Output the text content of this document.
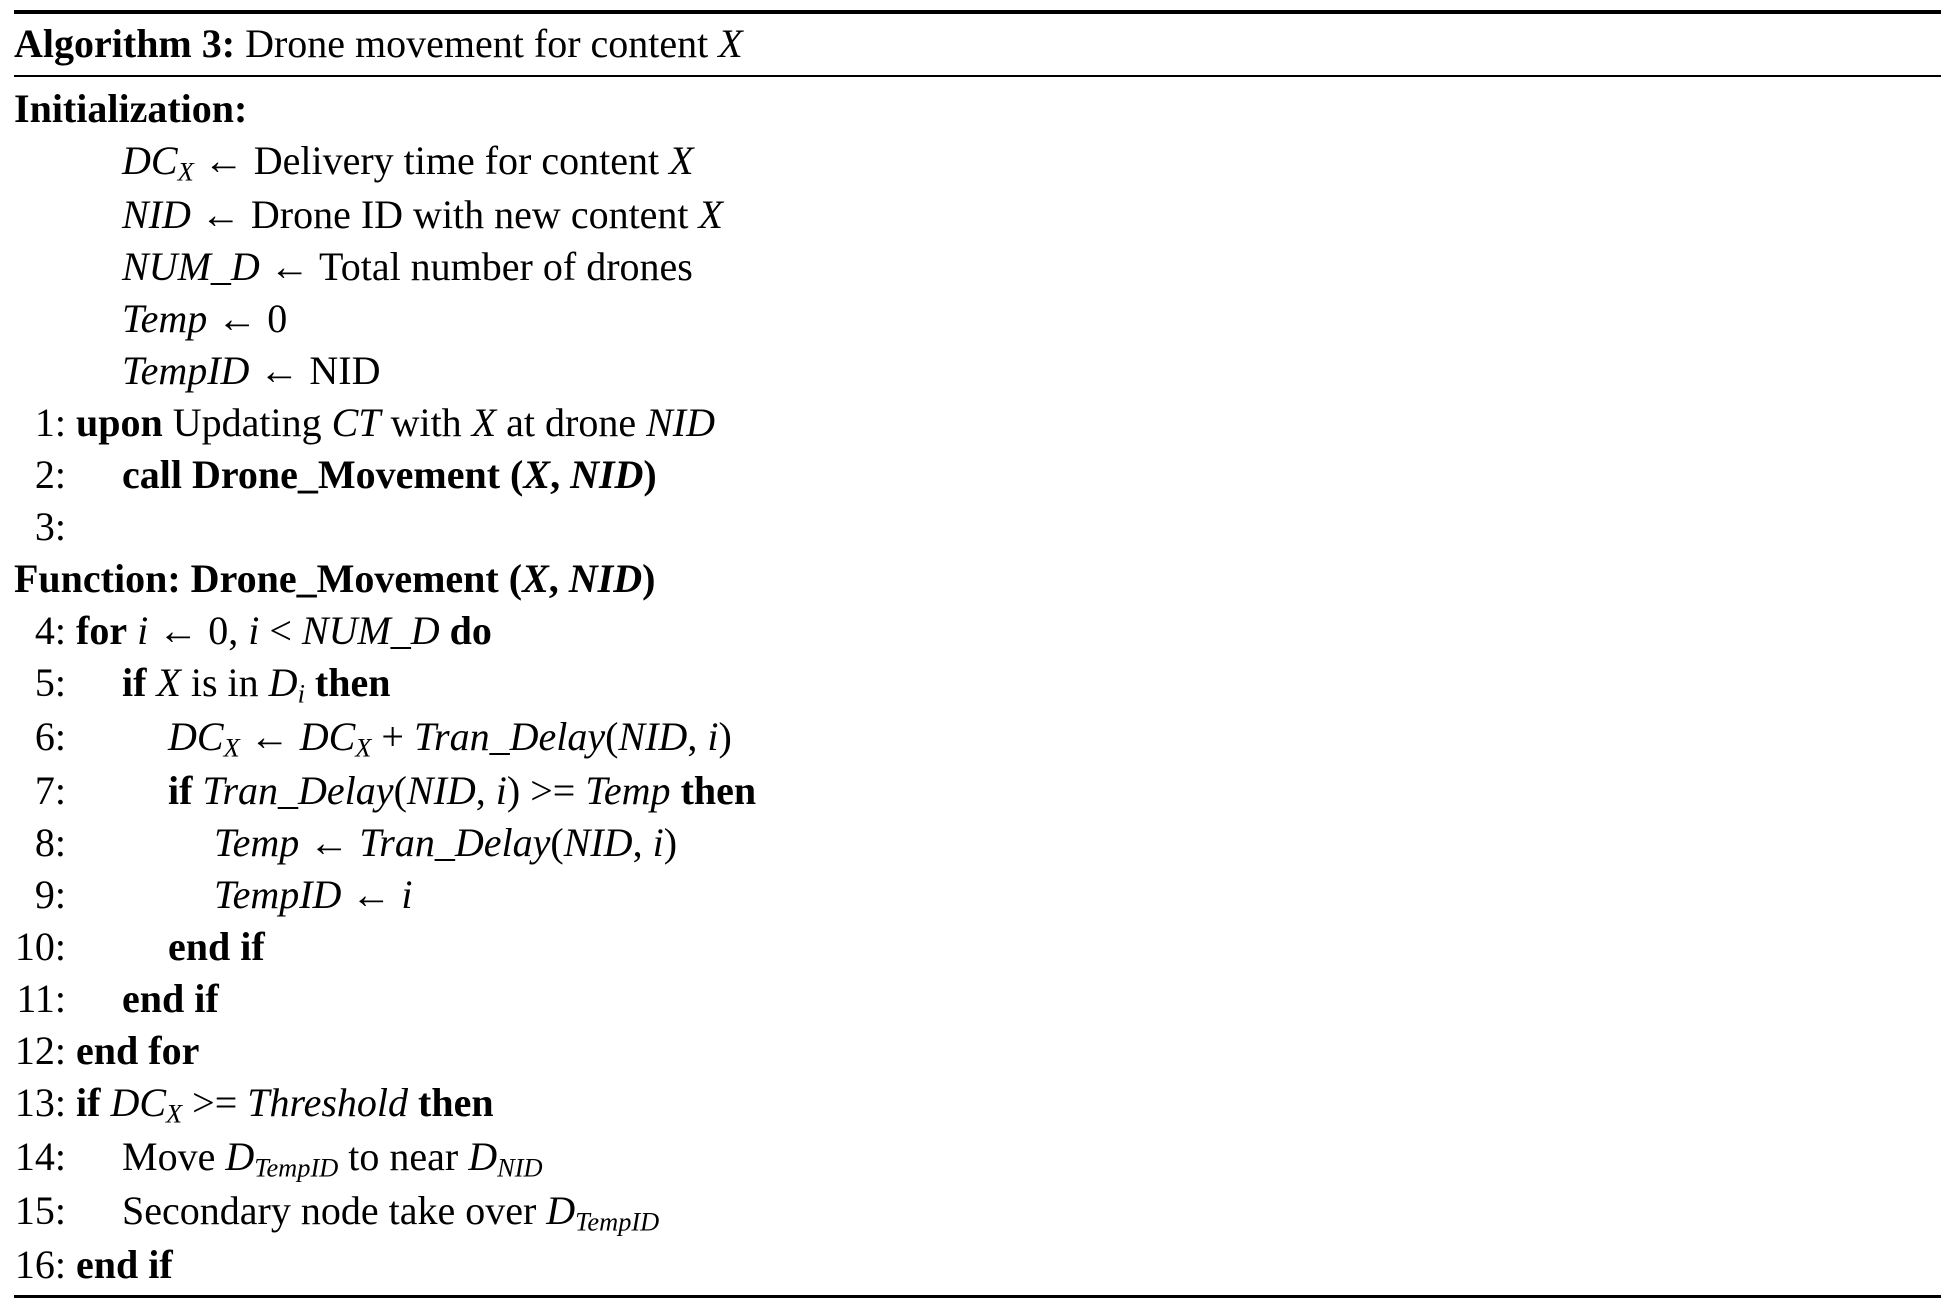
Algorithm 3: Drone movement for content X
Initialization:
$DC_X$ ← Delivery time for content X
NID ← Drone ID with new content X
NUM_D ← Total number of drones
Temp ← 0
TempID ← NID
1: upon Updating CT with X at drone NID
2:	call Drone_Movement (X, NID)
3:
Function: Drone_Movement (X, NID)
4: for i ← 0, i < NUM_D do
5:	if X is in $D_i$ then
6:	$DC_X$ ← $DC_X$ + Tran_Delay(NID, i)
7:	if Tran_Delay(NID, i) >= Temp then
8:	Temp ← Tran_Delay(NID, i)
9:	TempID ← i
10:	end if
11:	end if
12: end for
13: if $DC_X$ >= Threshold then
14:	Move $D_{TempID}$ to near $D_{NID}$
15:	Secondary node take over $D_{TempID}$
16: end if
